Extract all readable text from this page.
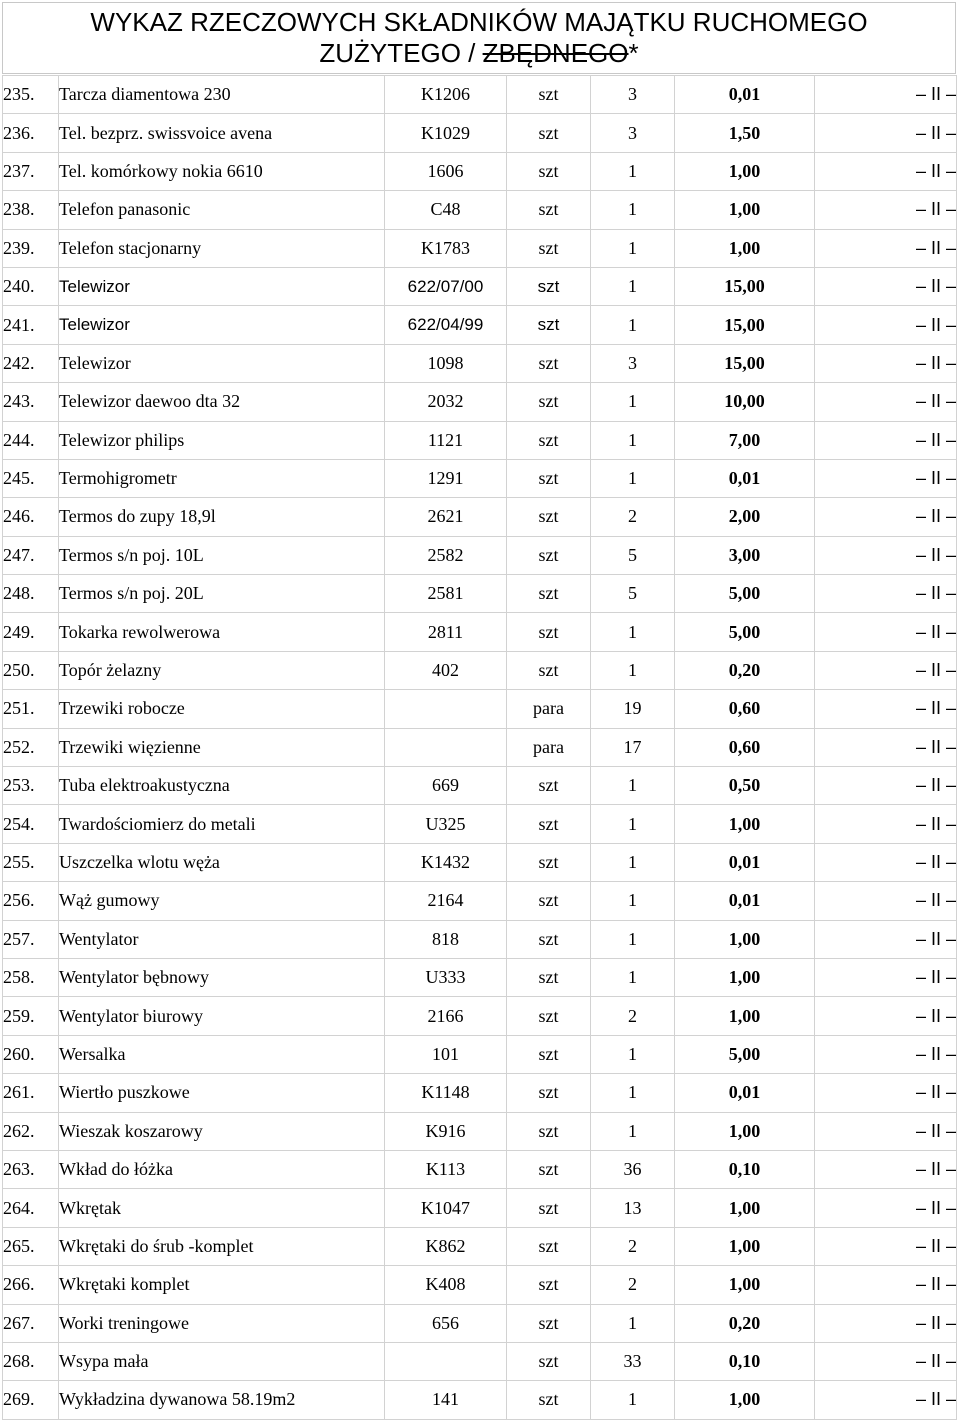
WYKAZ RZECZOWYCH SKŁADNIKÓW MAJĄTKU RUCHOMEGO
ZUŻYTEGO / ZBĘDNEGO*
235.	Tarcza diamentowa 230	K1206	szt	3	0,01	– II –
236.	Tel. bezprz. swissvoice avena	K1029	szt	3	1,50	– II –
237.	Tel. komórkowy nokia 6610	1606	szt	1	1,00	– II –
238.	Telefon panasonic	C48	szt	1	1,00	– II –
239.	Telefon stacjonarny	K1783	szt	1	1,00	– II –
240.	Telewizor	622/07/00	szt	1	15,00	– II –
241.	Telewizor	622/04/99	szt	1	15,00	– II –
242.	Telewizor	1098	szt	3	15,00	– II –
243.	Telewizor daewoo dta 32	2032	szt	1	10,00	– II –
244.	Telewizor philips	1121	szt	1	7,00	– II –
245.	Termohigrometr	1291	szt	1	0,01	– II –
246.	Termos do zupy 18,9l	2621	szt	2	2,00	– II –
247.	Termos s/n poj. 10L	2582	szt	5	3,00	– II –
248.	Termos s/n poj. 20L	2581	szt	5	5,00	– II –
249.	Tokarka rewolwerowa	2811	szt	1	5,00	– II –
250.	Topór żelazny	402	szt	1	0,20	– II –
251.	Trzewiki robocze		para	19	0,60	– II –
252.	Trzewiki więzienne		para	17	0,60	– II –
253.	Tuba elektroakustyczna	669	szt	1	0,50	– II –
254.	Twardościomierz do metali	U325	szt	1	1,00	– II –
255.	Uszczelka wlotu węża	K1432	szt	1	0,01	– II –
256.	Wąż gumowy	2164	szt	1	0,01	– II –
257.	Wentylator	818	szt	1	1,00	– II –
258.	Wentylator bębnowy	U333	szt	1	1,00	– II –
259.	Wentylator biurowy	2166	szt	2	1,00	– II –
260.	Wersalka	101	szt	1	5,00	– II –
261.	Wiertło puszkowe	K1148	szt	1	0,01	– II –
262.	Wieszak koszarowy	K916	szt	1	1,00	– II –
263.	Wkład do łóżka	K113	szt	36	0,10	– II –
264.	Wkrętak	K1047	szt	13	1,00	– II –
265.	Wkrętaki do śrub -komplet	K862	szt	2	1,00	– II –
266.	Wkrętaki komplet	K408	szt	2	1,00	– II –
267.	Worki treningowe	656	szt	1	0,20	– II –
268.	Wsypa mała		szt	33	0,10	– II –
269.	Wykładzina dywanowa 58.19m2	141	szt	1	1,00	– II –
